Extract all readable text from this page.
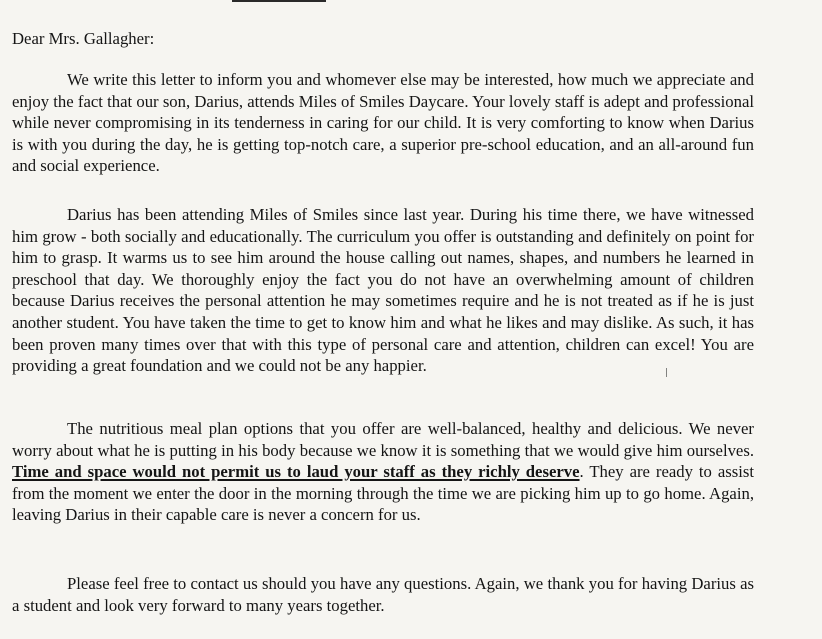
Dear Mrs. Gallagher:

We write this letter to inform you and whomever else may be interested, how much we appreciate and enjoy the fact that our son, Darius, attends Miles of Smiles Daycare. Your lovely staff is adept and professional while never compromising in its tenderness in caring for our child. It is very comforting to know when Darius is with you during the day, he is getting top-notch care, a superior pre-school education, and an all-around fun and social experience.

Darius has been attending Miles of Smiles since last year. During his time there, we have witnessed him grow - both socially and educationally. The curriculum you offer is outstanding and definitely on point for him to grasp. It warms us to see him around the house calling out names, shapes, and numbers he learned in preschool that day. We thoroughly enjoy the fact you do not have an overwhelming amount of children because Darius receives the personal attention he may sometimes require and he is not treated as if he is just another student. You have taken the time to get to know him and what he likes and may dislike. As such, it has been proven many times over that with this type of personal care and attention, children can excel! You are providing a great foundation and we could not be any happier.

The nutritious meal plan options that you offer are well-balanced, healthy and delicious. We never worry about what he is putting in his body because we know it is something that we would give him ourselves. Time and space would not permit us to laud your staff as they richly deserve. They are ready to assist from the moment we enter the door in the morning through the time we are picking him up to go home. Again, leaving Darius in their capable care is never a concern for us.

Please feel free to contact us should you have any questions. Again, we thank you for having Darius as a student and look very forward to many years together.
